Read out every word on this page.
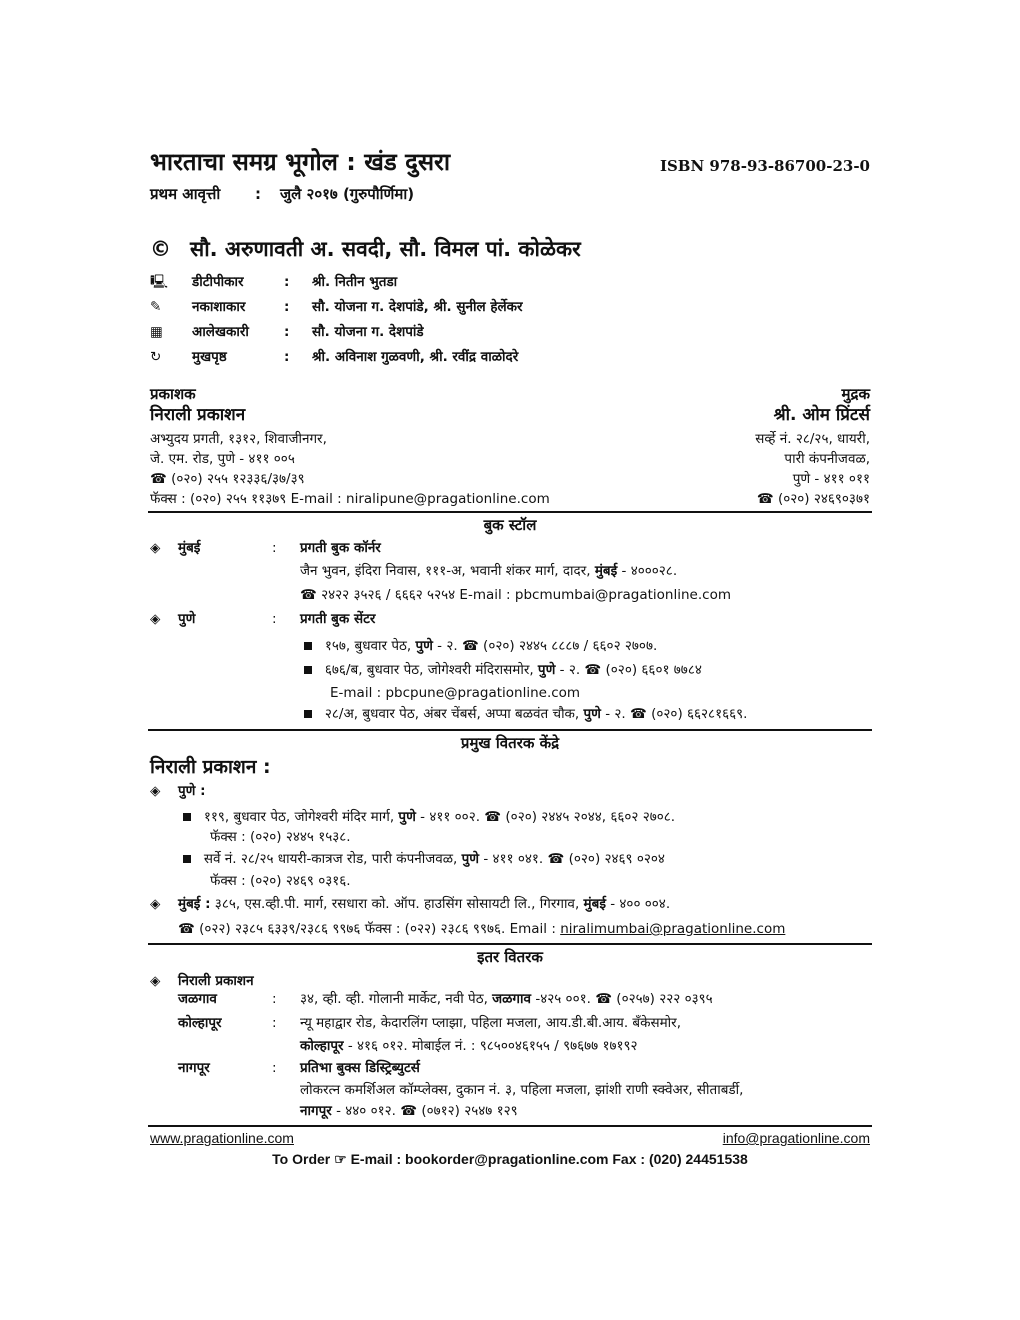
भारताचा समग्र भूगोल : खंड दुसरा	ISBN 978-93-86700-23-0
प्रथम आवृत्ती : जुलै २०१७ (गुरुपौर्णिमा)
© सौ. अरुणावती अ. सवदी, सौ. विमल पां. कोळेकर
🖳 डीटीपीकार	: श्री. नितीन भुतडा
✎ नकाशाकार	: सौ. योजना ग. देशपांडे, श्री. सुनील हेर्लेकर
▦ आलेखकारी	: सौ. योजना ग. देशपांडे
↻ मुखपृष्ठ	: श्री. अविनाश गुळवणी, श्री. रवींद्र वाळोदरे
प्रकाशक
निराली प्रकाशन
अभ्युदय प्रगती, १३१२, शिवाजीनगर,
जे. एम. रोड, पुणे - ४११ ००५
☎ (०२०) २५५ १२३३६/३७/३९
फॅक्स : (०२०) २५५ ११३७९ E-mail : niralipune@pragationline.com
मुद्रक
श्री. ओम प्रिंटर्स
सर्व्हे नं. २८/२५, धायरी,
पारी कंपनीजवळ,
पुणे - ४११ ०११
☎ (०२०) २४६९०३७१
बुक स्टॉल
◈ मुंबई	: प्रगती बुक कॉर्नर
जैन भुवन, इंदिरा निवास, १११-अ, भवानी शंकर मार्ग, दादर, मुंबई - ४०००२८.
☎ २४२२ ३५२६ / ६६६२ ५२५४ E-mail : pbcmumbai@pragationline.com
◈ पुणे	: प्रगती बुक सेंटर
१५७, बुधवार पेठ, पुणे - २. ☎ (०२०) २४४५ ८८८७ / ६६०२ २७०७.
६७६/ब, बुधवार पेठ, जोगेश्वरी मंदिरासमोर, पुणे - २. ☎ (०२०) ६६०१ ७७८४
E-mail : pbcpune@pragationline.com
२८/अ, बुधवार पेठ, अंबर चेंबर्स, अप्पा बळवंत चौक, पुणे - २. ☎ (०२०) ६६२८१६६९.
प्रमुख वितरक केंद्रे
निराली प्रकाशन :
◈ पुणे :
११९, बुधवार पेठ, जोगेश्वरी मंदिर मार्ग, पुणे - ४११ ००२. ☎ (०२०) २४४५ २०४४, ६६०२ २७०८.
फॅक्स : (०२०) २४४५ १५३८.
सर्वे नं. २८/२५ धायरी-कात्रज रोड, पारी कंपनीजवळ, पुणे - ४११ ०४१. ☎ (०२०) २४६९ ०२०४
फॅक्स : (०२०) २४६९ ०३१६.
◈ मुंबई : ३८५, एस.व्ही.पी. मार्ग, रसधारा को. ऑप. हाउसिंग सोसायटी लि., गिरगाव, मुंबई - ४०० ००४.
☎ (०२२) २३८५ ६३३९/२३८६ ९९७६ फॅक्स : (०२२) २३८६ ९९७६. Email : niralimumbai@pragationline.com
इतर वितरक
◈ निराली प्रकाशन
जळगाव	: ३४, व्ही. व्ही. गोलानी मार्केट, नवी पेठ, जळगाव -४२५ ००१. ☎ (०२५७) २२२ ०३९५
कोल्हापूर	: न्यू महाद्वार रोड, केदारलिंग प्लाझा, पहिला मजला, आय.डी.बी.आय. बँकेसमोर,
कोल्हापूर - ४१६ ०१२. मोबाईल नं. : ९८५००४६१५५ / ९७६७७ १७१९२
नागपूर	: प्रतिभा बुक्स डिस्ट्रिब्युटर्स
लोकरत्न कमर्शिअल कॉम्प्लेक्स, दुकान नं. ३, पहिला मजला, झांशी राणी स्क्वेअर, सीताबर्डी,
नागपूर - ४४० ०१२. ☎ (०७१२) २५४७ १२९
www.pragationline.com	info@pragationline.com
To Order ☞ E-mail : bookorder@pragationline.com Fax : (020) 24451538
